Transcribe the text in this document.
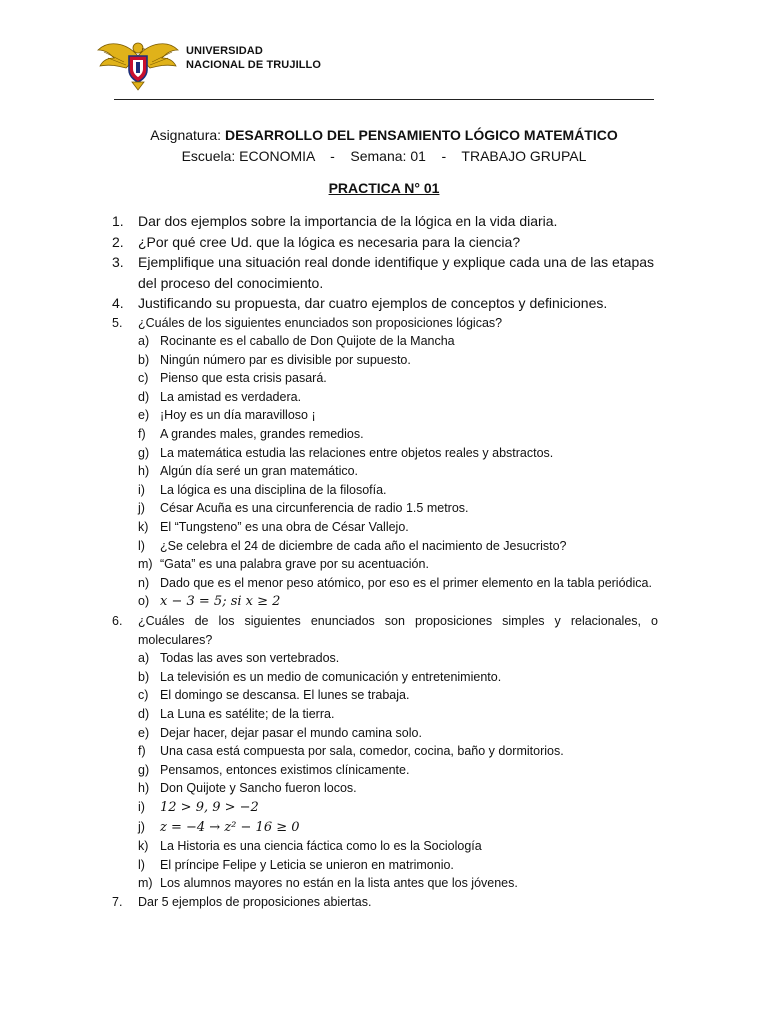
UNIVERSIDAD
NACIONAL DE TRUJILLO
Asignatura: DESARROLLO DEL PENSAMIENTO LÓGICO MATEMÁTICO
Escuela: ECONOMIA    -    Semana: 01    -    TRABAJO GRUPAL
PRACTICA N° 01
1. Dar dos ejemplos sobre la importancia de la lógica en la vida diaria.
2. ¿Por qué cree Ud. que la lógica es necesaria para la ciencia?
3. Ejemplifique una situación real donde identifique y explique cada una de las etapas del proceso del conocimiento.
4. Justificando su propuesta, dar cuatro ejemplos de conceptos y definiciones.
5. ¿Cuáles de los siguientes enunciados son proposiciones lógicas?
a) Rocinante es el caballo de Don Quijote de la Mancha
b) Ningún número par es divisible por supuesto.
c) Pienso que esta crisis pasará.
d) La amistad es verdadera.
e) ¡Hoy es un día maravilloso ¡
f) A grandes males, grandes remedios.
g) La matemática estudia las relaciones entre objetos reales y abstractos.
h) Algún día seré un gran matemático.
i) La lógica es una disciplina de la filosofía.
j) César Acuña es una circunferencia de radio 1.5 metros.
k) El “Tungsteno” es una obra de César Vallejo.
l) ¿Se celebra el 24 de diciembre de cada año el nacimiento de Jesucristo?
m) “Gata” es una palabra grave por su acentuación.
n) Dado que es el menor peso atómico, por eso es el primer elemento en la tabla periódica.
o) 𝑥 − 3 = 5; si 𝑥 ≥ 2
6. ¿Cuáles de los siguientes enunciados son proposiciones simples y relacionales, o moleculares?
a) Todas las aves son vertebrados.
b) La televisión es un medio de comunicación y entretenimiento.
c) El domingo se descansa. El lunes se trabaja.
d) La Luna es satélite; de la tierra.
e) Dejar hacer, dejar pasar el mundo camina solo.
f) Una casa está compuesta por sala, comedor, cocina, baño y dormitorios.
g) Pensamos, entonces existimos clínicamente.
h) Don Quijote y Sancho fueron locos.
i) 12 > 9, 9 > −2
j) 𝑧 = −4 → 𝑧² − 16 ≥ 0
k) La Historia es una ciencia fáctica como lo es la Sociología
l) El príncipe Felipe y Leticia se unieron en matrimonio.
m) Los alumnos mayores no están en la lista antes que los jóvenes.
7. Dar 5 ejemplos de proposiciones abiertas.
